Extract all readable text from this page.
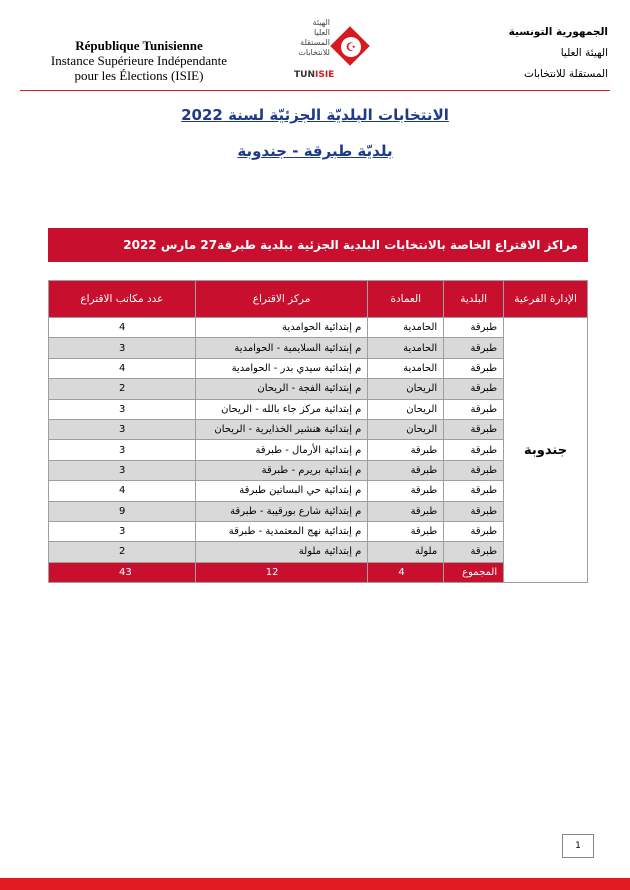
République Tunisienne
Instance Supérieure Indépendante
pour les Élections (ISIE)
الهيئة
العليا
المستقلة
للانتخابات	☪
TUNISIE
الجمهورية التونسية
الهيئة العليا
المستقلة للانتخابات
الانتخابات البلديّة الجزئيّة لسنة 2022
بلديّة طبرقة - جندوبة
مراكز الاقتراع الخاصة بالانتخابات البلدية الجزئية ببلدية طبرقة27 مارس 2022
الإدارة الفرعية	البلدية	العمادة	مركز الاقتراع	عدد مكاتب الاقتراع
جندوبة	طبرقة	الحامدية	م إبتدائية الحوامدية	4
	طبرقة	الحامدية	م إبتدائية السلايمية - الحوامدية	3
	طبرقة	الحامدية	م إبتدائية سيدي بدر - الحوامدية	4
	طبرقة	الريحان	م إبتدائية الفجة - الريحان	2
	طبرقة	الريحان	م إبتدائية مركز جاء بالله - الريحان	3
	طبرقة	الريحان	م إبتدائية هنشير الخذايرية - الريحان	3
	طبرقة	طبرقة	م إبتدائية الأرمال - طبرقة	3
	طبرقة	طبرقة	م إبتدائية بريرم - طبرقة	3
	طبرقة	طبرقة	م إبتدائية حي البساتين طبرقة	4
	طبرقة	طبرقة	م إبتدائية شارع بورقيبة - طبرقة	9
	طبرقة	طبرقة	م إبتدائية نهج المعتمدية - طبرقة	3
	طبرقة	ملولة	م إبتدائية ملولة	2
	المجموع	4	12	43
1
